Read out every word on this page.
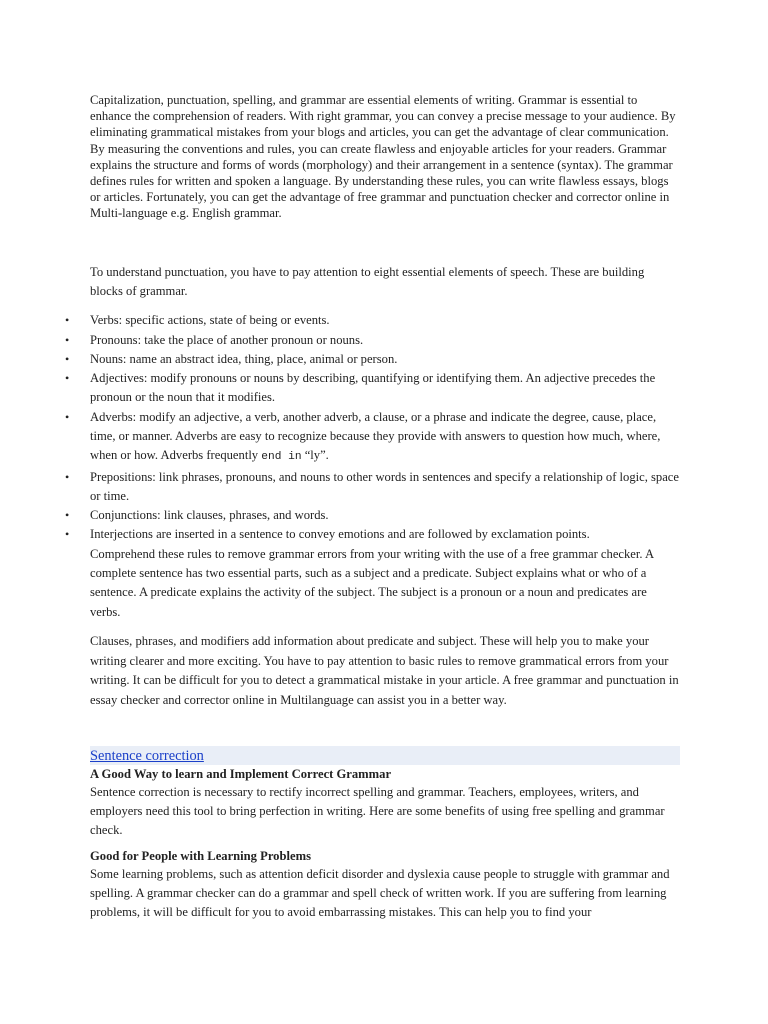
Capitalization, punctuation, spelling, and grammar are essential elements of writing. Grammar is essential to enhance the comprehension of readers. With right grammar, you can convey a precise message to your audience. By eliminating grammatical mistakes from your blogs and articles, you can get the advantage of clear communication. By measuring the conventions and rules, you can create flawless and enjoyable articles for your readers. Grammar explains the structure and forms of words (morphology) and their arrangement in a sentence (syntax). The grammar defines rules for written and spoken a language. By understanding these rules, you can write flawless essays, blogs or articles. Fortunately, you can get the advantage of free grammar and punctuation checker and corrector online in Multi-language e.g. English grammar.

To understand punctuation, you have to pay attention to eight essential elements of speech. These are building blocks of grammar.

• Verbs: specific actions, state of being or events.
• Pronouns: take the place of another pronoun or nouns.
• Nouns: name an abstract idea, thing, place, animal or person.
• Adjectives: modify pronouns or nouns by describing, quantifying or identifying them. An adjective precedes the pronoun or the noun that it modifies.
• Adverbs: modify an adjective, a verb, another adverb, a clause, or a phrase and indicate the degree, cause, place, time, or manner. Adverbs are easy to recognize because they provide with answers to question how much, where, when or how. Adverbs frequently end in “ly”.
• Prepositions: link phrases, pronouns, and nouns to other words in sentences and specify a relationship of logic, space or time.
• Conjunctions: link clauses, phrases, and words.
• Interjections are inserted in a sentence to convey emotions and are followed by exclamation points.

Comprehend these rules to remove grammar errors from your writing with the use of a free grammar checker. A complete sentence has two essential parts, such as a subject and a predicate. Subject explains what or who of a sentence. A predicate explains the activity of the subject. The subject is a pronoun or a noun and predicates are verbs.

Clauses, phrases, and modifiers add information about predicate and subject. These will help you to make your writing clearer and more exciting. You have to pay attention to basic rules to remove grammatical errors from your writing. It can be difficult for you to detect a grammatical mistake in your article. A free grammar and punctuation in essay checker and corrector online in Multilanguage can assist you in a better way.

Sentence correction

A Good Way to learn and Implement Correct Grammar

Sentence correction is necessary to rectify incorrect spelling and grammar. Teachers, employees, writers, and employers need this tool to bring perfection in writing. Here are some benefits of using free spelling and grammar check.

Good for People with Learning Problems

Some learning problems, such as attention deficit disorder and dyslexia cause people to struggle with grammar and spelling. A grammar checker can do a grammar and spell check of written work. If you are suffering from learning problems, it will be difficult for you to avoid embarrassing mistakes. This can help you to find your
